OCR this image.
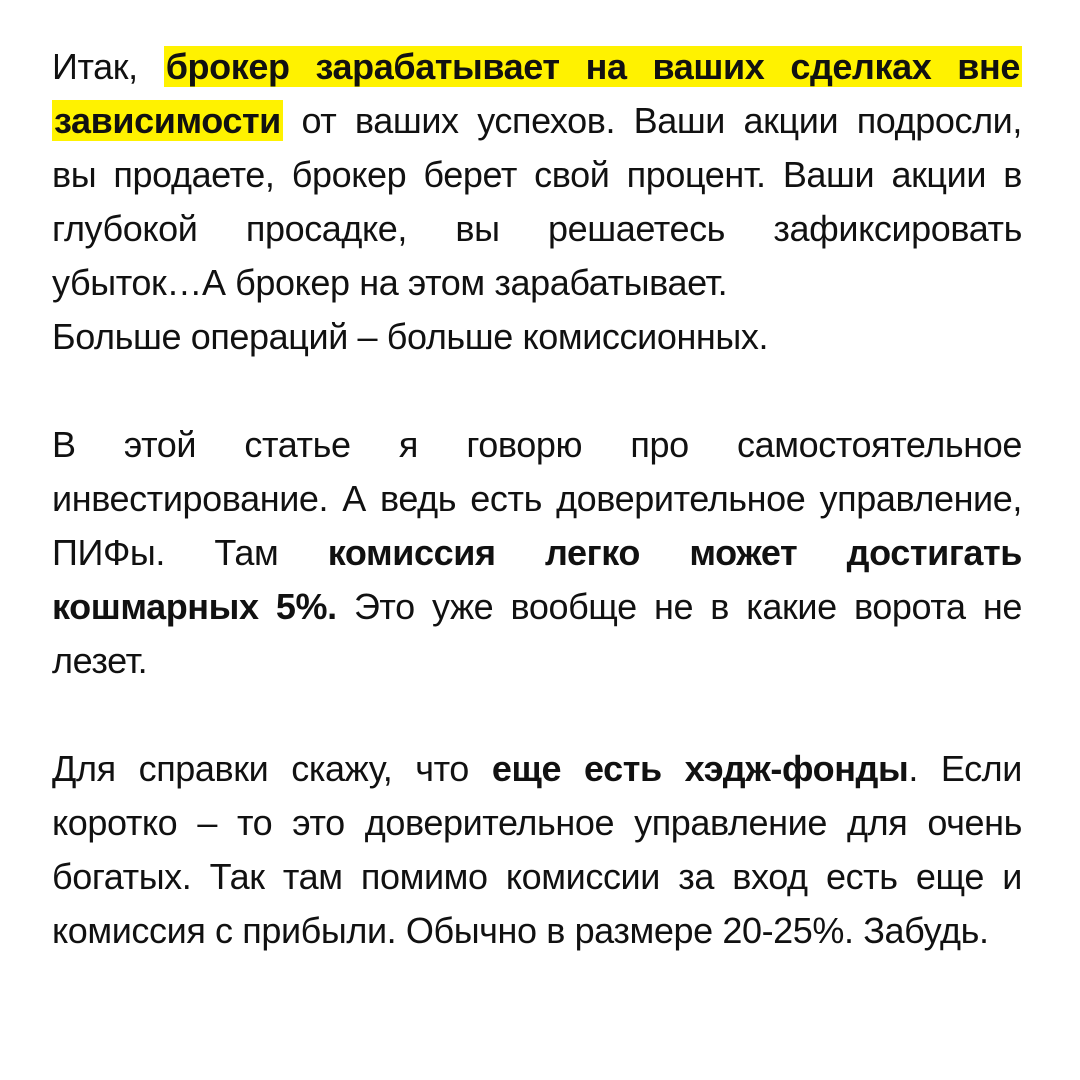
Итак, брокер зарабатывает на ваших сделках вне зависимости от ваших успехов. Ваши акции подросли, вы продаете, брокер берет свой процент. Ваши акции в глубокой просадке, вы решаетесь зафиксировать убыток…А брокер на этом зарабатывает.

Больше операций – больше комиссионных.

В этой статье я говорю про самостоятельное инвестирование. А ведь есть доверительное управление, ПИФы. Там комиссия легко может достигать кошмарных 5%. Это уже вообще не в какие ворота не лезет.

Для справки скажу, что еще есть хэдж-фонды. Если коротко – то это доверительное управление для очень богатых. Так там помимо комиссии за вход есть еще и комиссия с прибыли. Обычно в размере 20-25%. Забудь.
